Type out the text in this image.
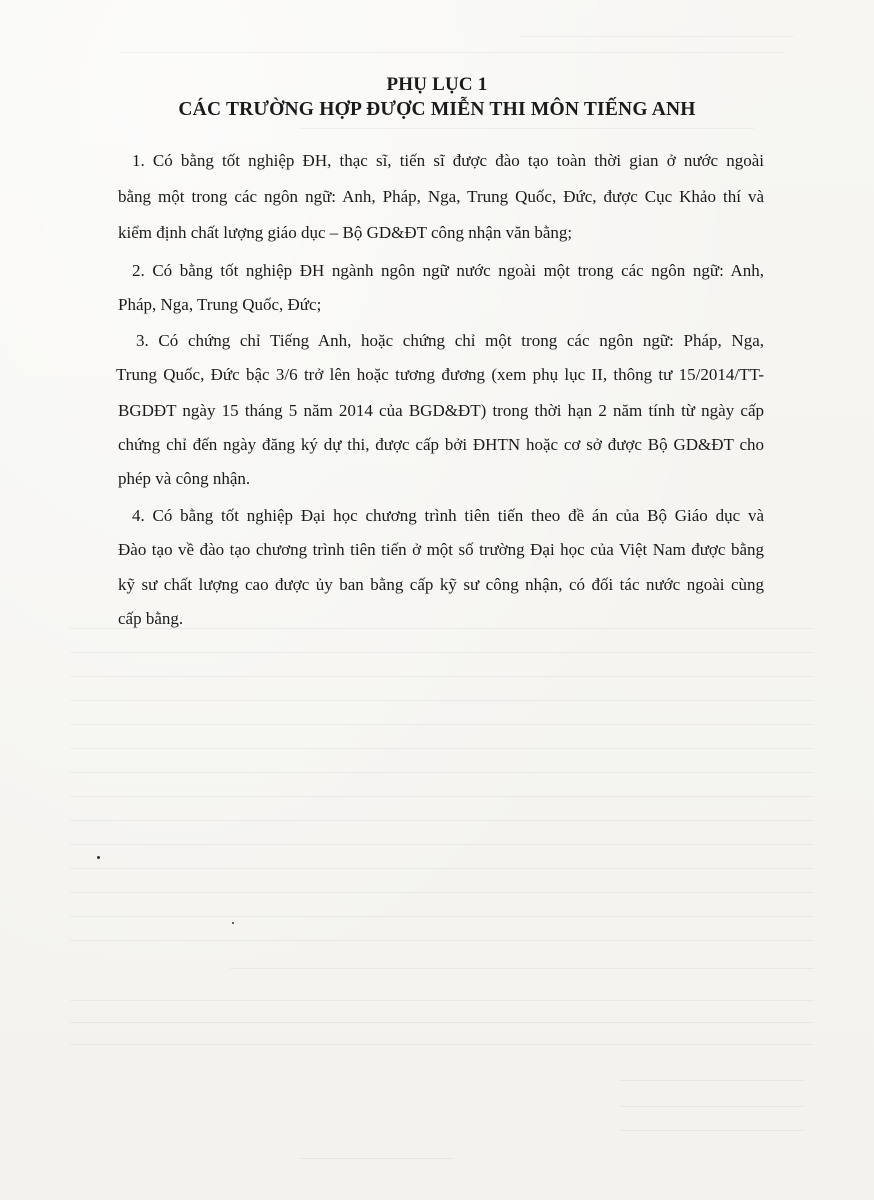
PHỤ LỤC 1
CÁC TRƯỜNG HỢP ĐƯỢC MIỄN THI MÔN TIẾNG ANH
1. Có bằng tốt nghiệp ĐH, thạc sĩ, tiến sĩ được đào tạo toàn thời gian ở nước ngoài
bằng một trong các ngôn ngữ: Anh, Pháp, Nga, Trung Quốc, Đức, được Cục Khảo thí và
kiểm định chất lượng giáo dục – Bộ GD&ĐT công nhận văn bằng;
2. Có bằng tốt nghiệp ĐH ngành ngôn ngữ nước ngoài một trong các ngôn ngữ: Anh,
Pháp, Nga, Trung Quốc, Đức;
3. Có chứng chỉ Tiếng Anh, hoặc chứng chỉ một trong các ngôn ngữ: Pháp, Nga,
Trung Quốc, Đức bậc 3/6 trở lên hoặc tương đương (xem phụ lục II, thông tư 15/2014/TT-
BGDĐT ngày 15 tháng 5 năm 2014 của BGD&ĐT) trong thời hạn 2 năm tính từ ngày cấp
chứng chỉ đến ngày đăng ký dự thi, được cấp bởi ĐHTN hoặc cơ sở được Bộ GD&ĐT cho
phép và công nhận.
4. Có bằng tốt nghiệp Đại học chương trình tiên tiến theo đề án của Bộ Giáo dục và
Đào tạo về đào tạo chương trình tiên tiến ở một số trường Đại học của Việt Nam được bằng
kỹ sư chất lượng cao được ủy ban bằng cấp kỹ sư công nhận, có đối tác nước ngoài cùng
cấp bằng.
